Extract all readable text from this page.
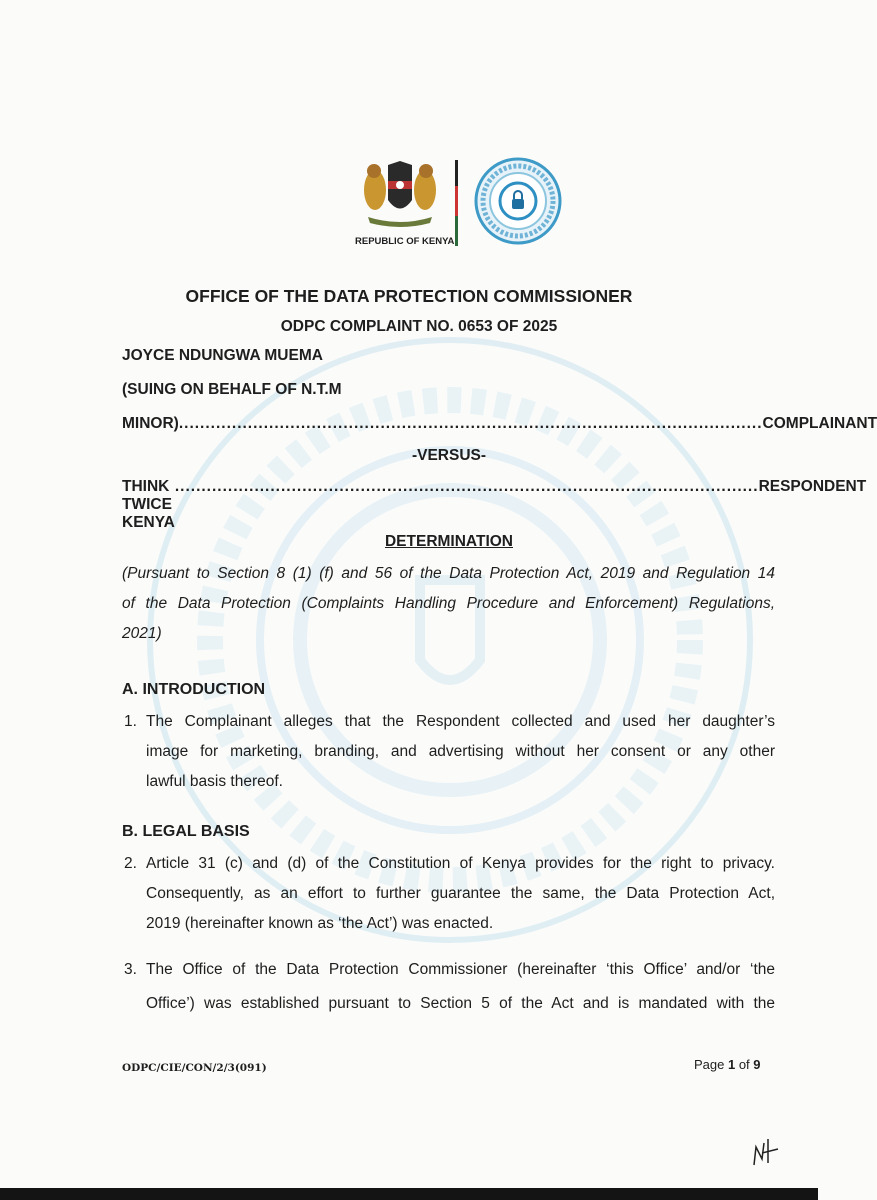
REPUBLIC OF KENYA
OFFICE OF THE DATA PROTECTION COMMISSIONER
ODPC COMPLAINT NO. 0653 OF 2025
JOYCE NDUNGWA MUEMA
(SUING ON BEHALF OF N.T.M
MINOR) .............................................................................................................. COMPLAINANT
-VERSUS-
THINK TWICE KENYA
.............................................................................................................. RESPONDENT
DETERMINATION
(Pursuant to Section 8 (1) (f) and 56 of the Data Protection Act, 2019 and Regulation 14
of the Data Protection (Complaints Handling Procedure and Enforcement) Regulations,
2021)
A. INTRODUCTION
1. The Complainant alleges that the Respondent collected and used her daughter’s
image for marketing, branding, and advertising without her consent or any other
lawful basis thereof.
B. LEGAL BASIS
2. Article 31 (c) and (d) of the Constitution of Kenya provides for the right to privacy.
Consequently, as an effort to further guarantee the same, the Data Protection Act,
2019 (hereinafter known as ‘the Act’) was enacted.
3. The Office of the Data Protection Commissioner (hereinafter ‘this Office’ and/or ‘the
Office’) was established pursuant to Section 5 of the Act and is mandated with the
ODPC/CIE/CON/2/3(091)	Page 1 of 9
